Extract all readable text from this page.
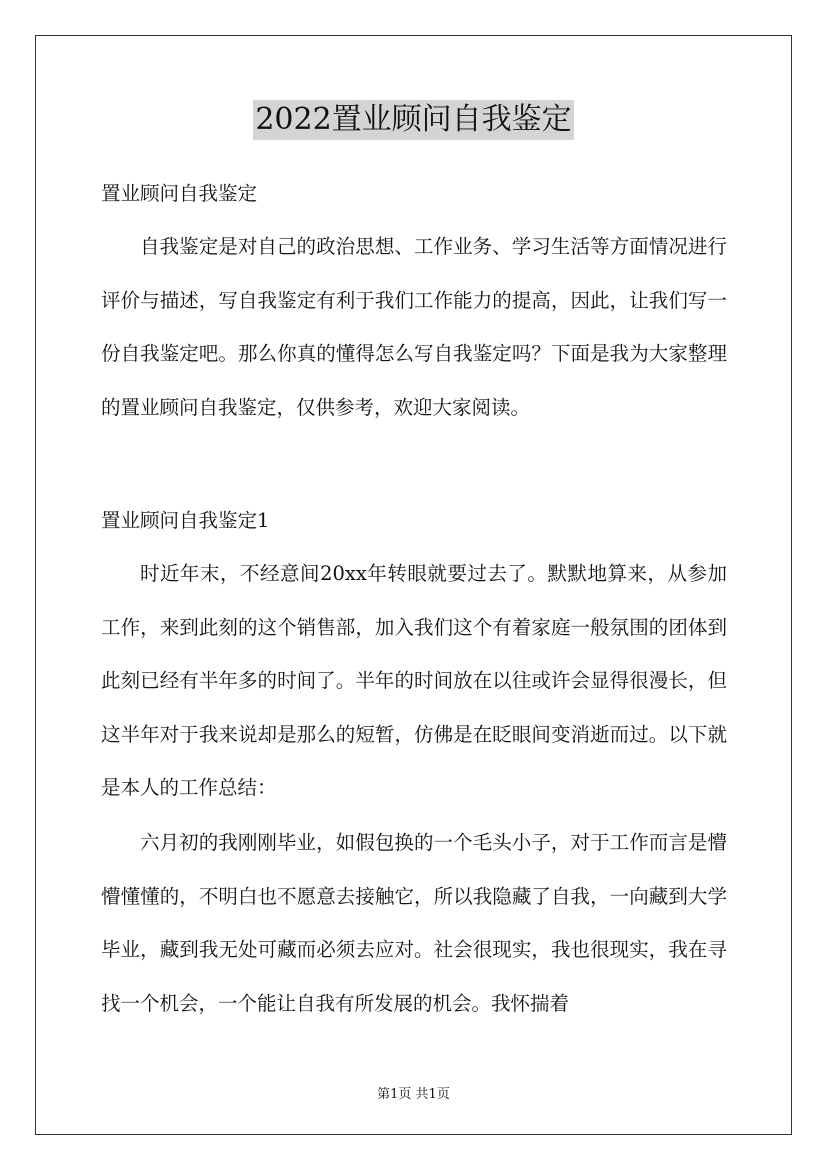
2022置业顾问自我鉴定
置业顾问自我鉴定
自我鉴定是对自己的政治思想、工作业务、学习生活等方面情况进行评价与描述，写自我鉴定有利于我们工作能力的提高，因此，让我们写一份自我鉴定吧。那么你真的懂得怎么写自我鉴定吗？下面是我为大家整理的置业顾问自我鉴定，仅供参考，欢迎大家阅读。
置业顾问自我鉴定1
时近年末，不经意间20xx年转眼就要过去了。默默地算来，从参加工作，来到此刻的这个销售部，加入我们这个有着家庭一般氛围的团体到此刻已经有半年多的时间了。半年的时间放在以往或许会显得很漫长，但这半年对于我来说却是那么的短暂，仿佛是在眨眼间变消逝而过。以下就是本人的工作总结：
六月初的我刚刚毕业，如假包换的一个毛头小子，对于工作而言是懵懵懂懂的，不明白也不愿意去接触它，所以我隐藏了自我，一向藏到大学毕业，藏到我无处可藏而必须去应对。社会很现实，我也很现实，我在寻找一个机会，一个能让自我有所发展的机会。我怀揣着
第1页 共1页
